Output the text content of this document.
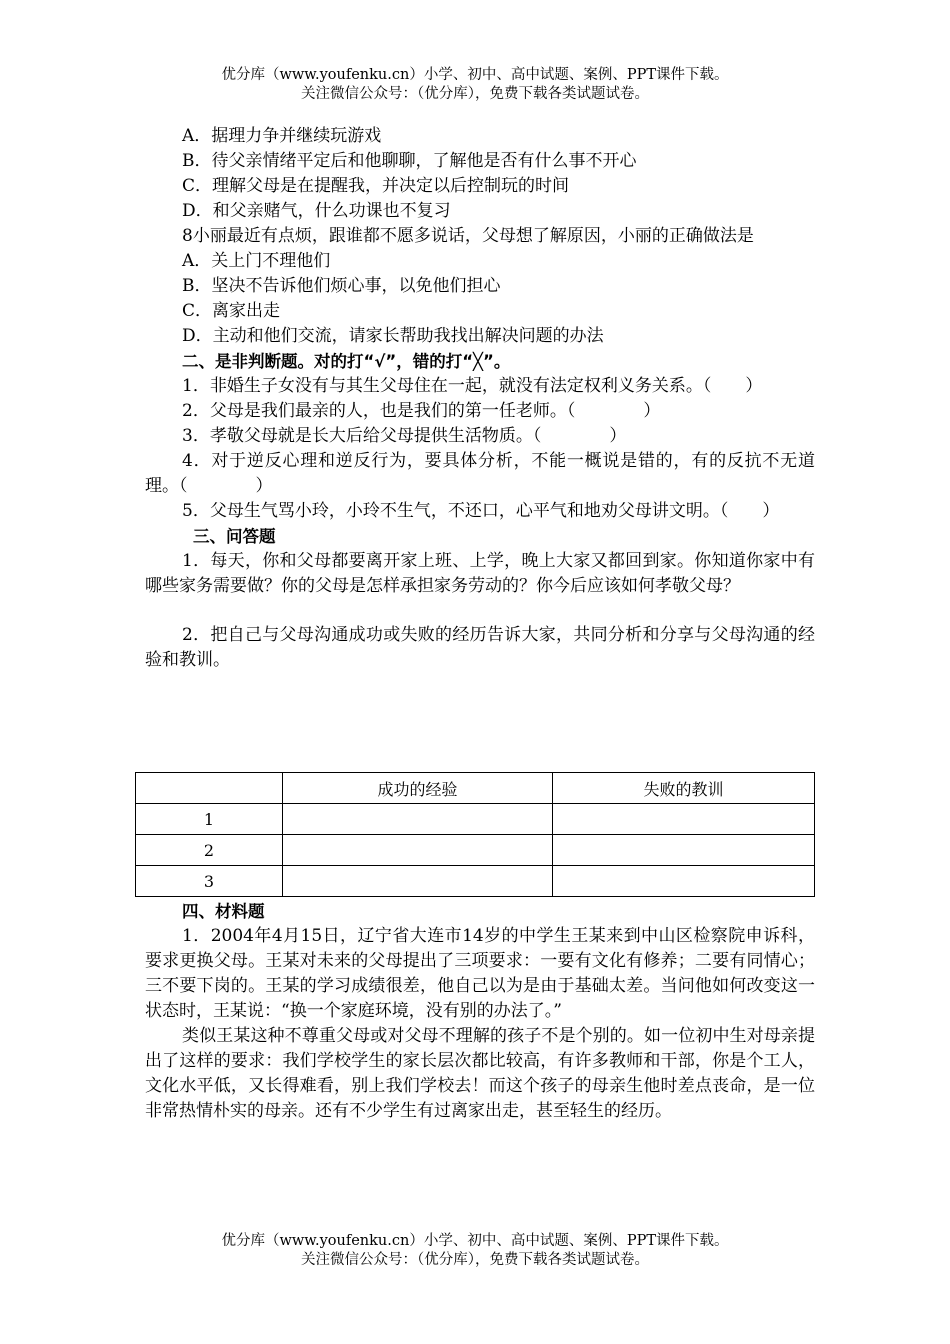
优分库（www.youfenku.cn）小学、初中、高中试题、案例、PPT课件下载。
关注微信公众号：（优分库），免费下载各类试题试卷。
A．据理力争并继续玩游戏
B．待父亲情绪平定后和他聊聊，了解他是否有什么事不开心
C．理解父母是在提醒我，并决定以后控制玩的时间
D．和父亲赌气，什么功课也不复习
8小丽最近有点烦，跟谁都不愿多说话，父母想了解原因，小丽的正确做法是
A．关上门不理他们
B．坚决不告诉他们烦心事，以免他们担心
C．离家出走
D．主动和他们交流，请家长帮助我找出解决问题的办法
二、是非判断题。对的打“√”，错的打“╳”。
1．非婚生子女没有与其生父母住在一起，就没有法定权利义务关系。（　　）
2．父母是我们最亲的人，也是我们的第一任老师。（　　　　）
3．孝敬父母就是长大后给父母提供生活物质。（　　　　）
4．对于逆反心理和逆反行为，要具体分析，不能一概说是错的，有的反抗不无道理。（　　　　）
5．父母生气骂小玲，小玲不生气，不还口，心平气和地劝父母讲文明。（　　）
三、问答题
1．每天，你和父母都要离开家上班、上学，晚上大家又都回到家。你知道你家中有哪些家务需要做？你的父母是怎样承担家务劳动的？你今后应该如何孝敬父母？
2．把自己与父母沟通成功或失败的经历告诉大家，共同分析和分享与父母沟通的经验和教训。
	成功的经验	失败的教训
1		
2		
3		
四、材料题
1．2004年4月15日，辽宁省大连市14岁的中学生王某来到中山区检察院申诉科，要求更换父母。王某对未来的父母提出了三项要求：一要有文化有修养；二要有同情心；三不要下岗的。王某的学习成绩很差，他自己以为是由于基础太差。当问他如何改变这一状态时，王某说：“换一个家庭环境，没有别的办法了。”
类似王某这种不尊重父母或对父母不理解的孩子不是个别的。如一位初中生对母亲提出了这样的要求：我们学校学生的家长层次都比较高，有许多教师和干部，你是个工人，文化水平低，又长得难看，别上我们学校去！而这个孩子的母亲生他时差点丧命，是一位非常热情朴实的母亲。还有不少学生有过离家出走，甚至轻生的经历。
优分库（www.youfenku.cn）小学、初中、高中试题、案例、PPT课件下载。
关注微信公众号：（优分库），免费下载各类试题试卷。
